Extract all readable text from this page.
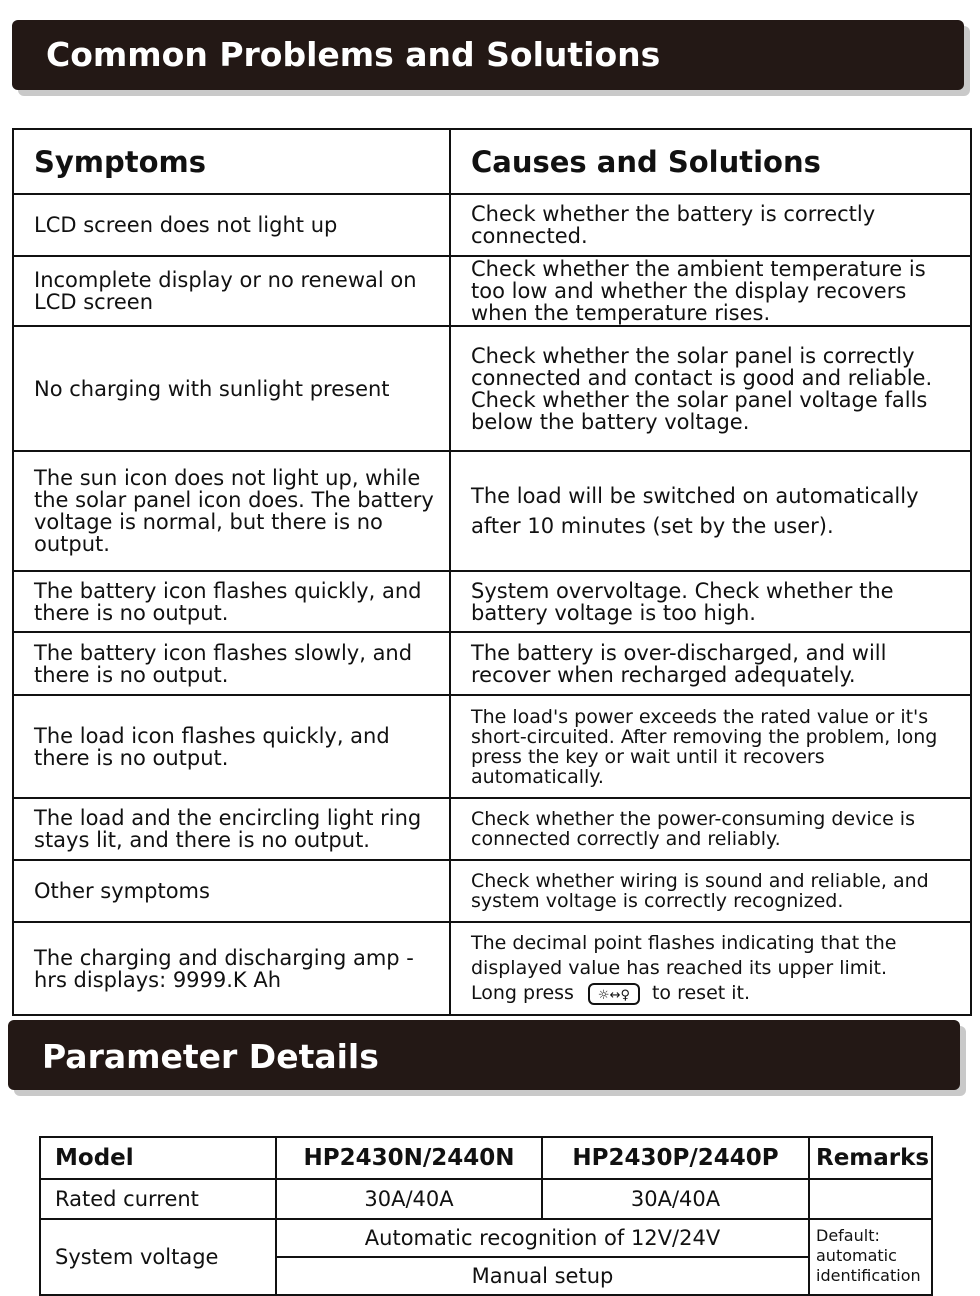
Common Problems and Solutions
Symptoms	Causes and Solutions
LCD screen does not light up	Check whether the battery is correctly connected.
Incomplete display or no renewal on LCD screen	Check whether the ambient temperature is too low and whether the display recovers when the temperature rises.
No charging with sunlight present	Check whether the solar panel is correctly connected and contact is good and reliable. Check whether the solar panel voltage falls below the battery voltage.
The sun icon does not light up, while the solar panel icon does. The battery voltage is normal, but there is no output.	The load will be switched on automatically after 10 minutes (set by the user).
The battery icon flashes quickly, and there is no output.	System overvoltage. Check whether the battery voltage is too high.
The battery icon flashes slowly, and there is no output.	The battery is over-discharged, and will recover when recharged adequately.
The load icon flashes quickly, and there is no output.	The load's power exceeds the rated value or it's short-circuited. After removing the problem, long press the key or wait until it recovers automatically.
The load and the encircling light ring stays lit, and there is no output.	Check whether the power-consuming device is connected correctly and reliably.
Other symptoms	Check whether wiring is sound and reliable, and system voltage is correctly recognized.
The charging and discharging amp -hrs displays: 9999.K Ah	The decimal point flashes indicating that the
displayed value has reached its upper limit.
Long press ☼↔♀ to reset it.
Parameter Details
Model	HP2430N/2440N	HP2430P/2440P	Remarks
Rated current	30A/40A	30A/40A	
System voltage	Automatic recognition of 12V/24V		Default: automatic identification
	Manual setup		
